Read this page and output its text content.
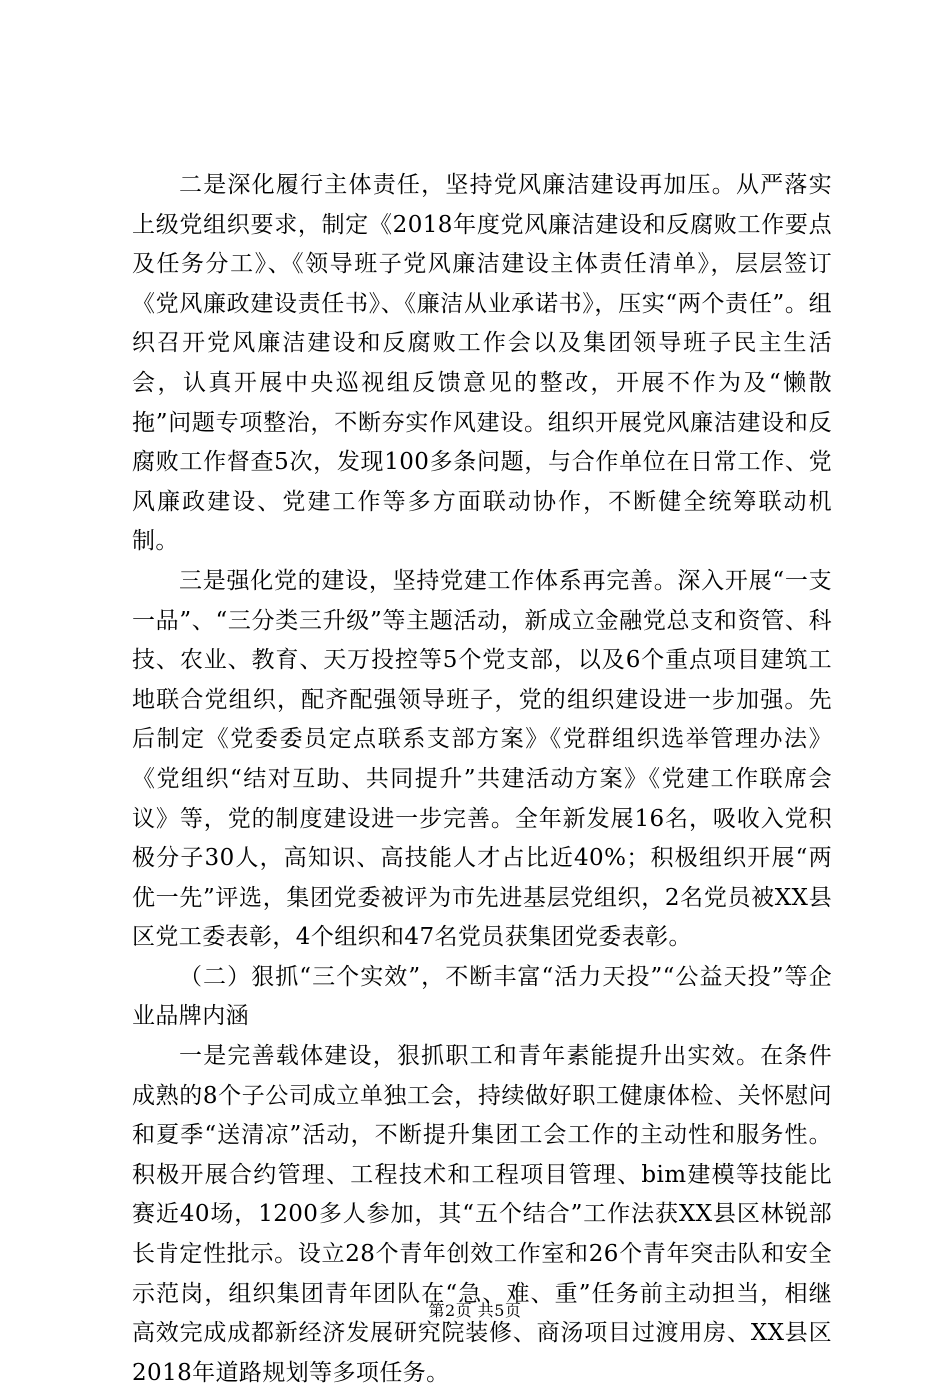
二是深化履行主体责任，坚持党风廉洁建设再加压。从严落实上级党组织要求，制定《2018年度党风廉洁建设和反腐败工作要点及任务分工》、《领导班子党风廉洁建设主体责任清单》，层层签订《党风廉政建设责任书》、《廉洁从业承诺书》，压实“两个责任”。组织召开党风廉洁建设和反腐败工作会以及集团领导班子民主生活会，认真开展中央巡视组反馈意见的整改，开展不作为及“懒散拖”问题专项整治，不断夯实作风建设。组织开展党风廉洁建设和反腐败工作督查5次，发现100多条问题，与合作单位在日常工作、党风廉政建设、党建工作等多方面联动协作，不断健全统筹联动机制。

三是强化党的建设，坚持党建工作体系再完善。深入开展“一支一品”、“三分类三升级”等主题活动，新成立金融党总支和资管、科技、农业、教育、天万投控等5个党支部，以及6个重点项目建筑工地联合党组织，配齐配强领导班子，党的组织建设进一步加强。先后制定《党委委员定点联系支部方案》《党群组织选举管理办法》《党组织“结对互助、共同提升”共建活动方案》《党建工作联席会议》等，党的制度建设进一步完善。全年新发展16名，吸收入党积极分子30人，高知识、高技能人才占比近40%；积极组织开展“两优一先”评选，集团党委被评为市先进基层党组织，2名党员被XX县区党工委表彰，4个组织和47名党员获集团党委表彰。

（二）狠抓“三个实效”，不断丰富“活力天投”“公益天投”等企业品牌内涵

一是完善载体建设，狠抓职工和青年素能提升出实效。在条件成熟的8个子公司成立单独工会，持续做好职工健康体检、关怀慰问和夏季“送清凉”活动，不断提升集团工会工作的主动性和服务性。积极开展合约管理、工程技术和工程项目管理、bim建模等技能比赛近40场，1200多人参加，其“五个结合”工作法获XX县区林锐部长肯定性批示。设立28个青年创效工作室和26个青年突击队和安全示范岗，组织集团青年团队在“急、难、重”任务前主动担当，相继高效完成成都新经济发展研究院装修、商汤项目过渡用房、XX县区2018年道路规划等多项任务。

第2页 共5页
